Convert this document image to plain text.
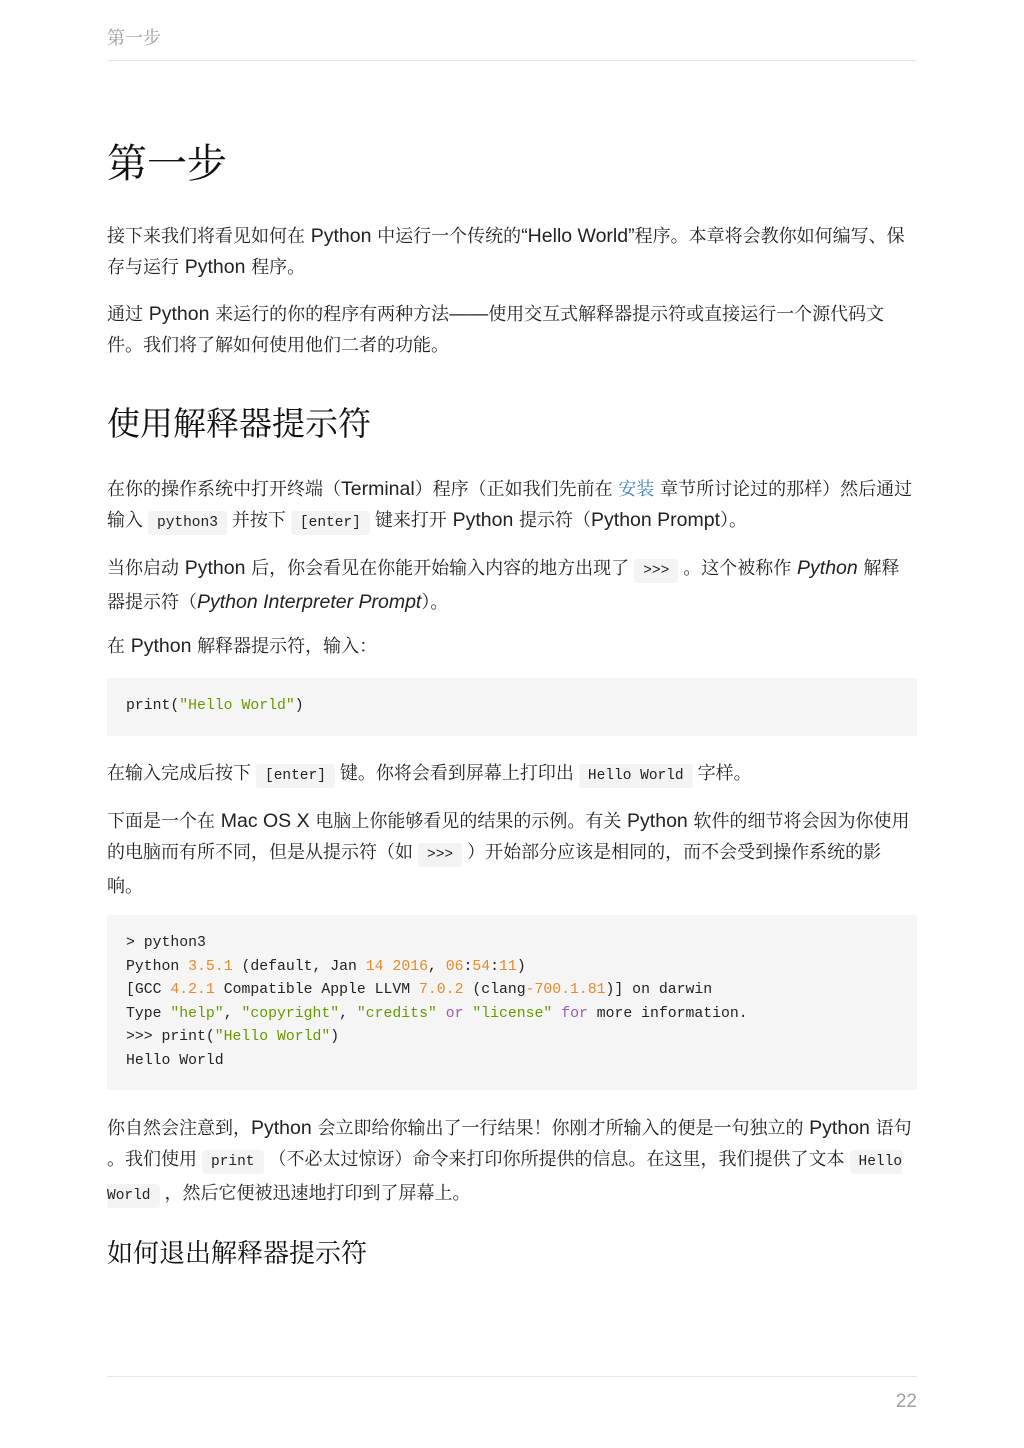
第一步
第一步

接下来我们将看见如何在 Python 中运行一个传统的“Hello World”程序。本章将会教你如何编写、保存与运行 Python 程序。

通过 Python 来运行的你的程序有两种方法——使用交互式解释器提示符或直接运行一个源代码文件。我们将了解如何使用他们二者的功能。

使用解释器提示符

在你的操作系统中打开终端（Terminal）程序（正如我们先前在 安装 章节所讨论过的那样）然后通过输入 python3 并按下 [enter] 键来打开 Python 提示符（Python Prompt）。

当你启动 Python 后，你会看见在你能开始输入内容的地方出现了 >>> 。这个被称作 Python 解释器提示符（Python Interpreter Prompt）。

在 Python 解释器提示符，输入：

print("Hello World")

在输入完成后按下 [enter] 键。你将会看到屏幕上打印出 Hello World 字样。

下面是一个在 Mac OS X 电脑上你能够看见的结果的示例。有关 Python 软件的细节将会因为你使用的电脑而有所不同，但是从提示符（如 >>> ）开始部分应该是相同的，而不会受到操作系统的影响。

> python3
Python 3.5.1 (default, Jan 14 2016, 06:54:11)
[GCC 4.2.1 Compatible Apple LLVM 7.0.2 (clang-700.1.81)] on darwin
Type "help", "copyright", "credits" or "license" for more information.
>>> print("Hello World")
Hello World

你自然会注意到，Python 会立即给你输出了一行结果！你刚才所输入的便是一句独立的 Python 语句 。我们使用 print （不必太过惊讶）命令来打印你所提供的信息。在这里，我们提供了文本 Hello World ，然后它便被迅速地打印到了屏幕上。

如何退出解释器提示符
22
